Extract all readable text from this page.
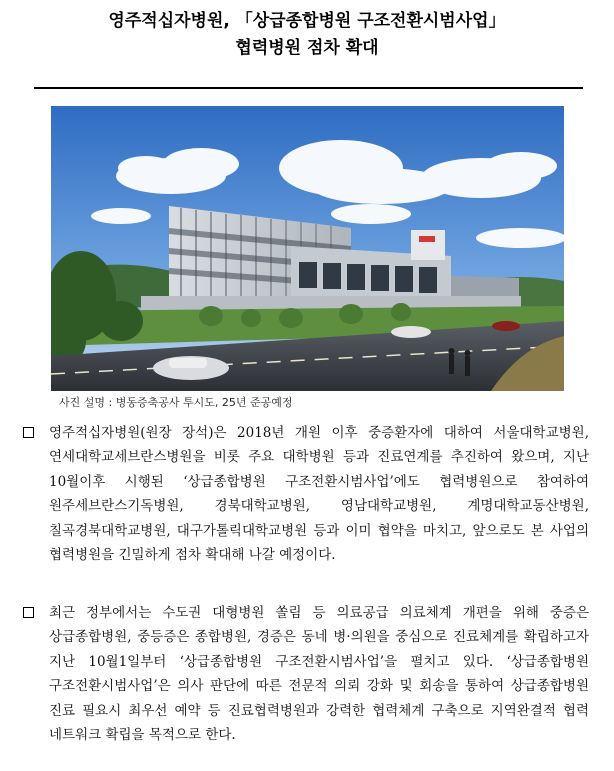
영주적십자병원, 「상급종합병원 구조전환시범사업」
협력병원 점차 확대
사진 설명 : 병동증축공사 투시도, 25년 준공예정
영주적십자병원(원장 장석)은 2018년 개원 이후 중증환자에 대하여 서울대학교병원, 연세대학교세브란스병원을 비롯 주요 대학병원 등과 진료연계를 추진하여 왔으며, 지난 10월이후 시행된 ‘상급종합병원 구조전환시범사업’에도 협력병원으로 참여하여 원주세브란스기독병원, 경북대학교병원, 영남대학교병원, 계명대학교동산병원, 칠곡경북대학교병원, 대구가톨릭대학교병원 등과 이미 협약을 마치고, 앞으로도 본 사업의 협력병원을 긴밀하게 점차 확대해 나갈 예정이다.
최근 정부에서는 수도권 대형병원 쏠림 등 의료공급 의료체계 개편을 위해 중증은 상급종합병원, 중등증은 종합병원, 경증은 동네 병·의원을 중심으로 진료체계를 확립하고자 지난 10월1일부터 ‘상급종합병원 구조전환시범사업’을 펼치고 있다. ‘상급종합병원 구조전환시범사업’은 의사 판단에 따른 전문적 의뢰 강화 및 회송을 통하여 상급종합병원 진료 필요시 최우선 예약 등 진료협력병원과 강력한 협력체계 구축으로 지역완결적 협력 네트워크 확립을 목적으로 한다.
